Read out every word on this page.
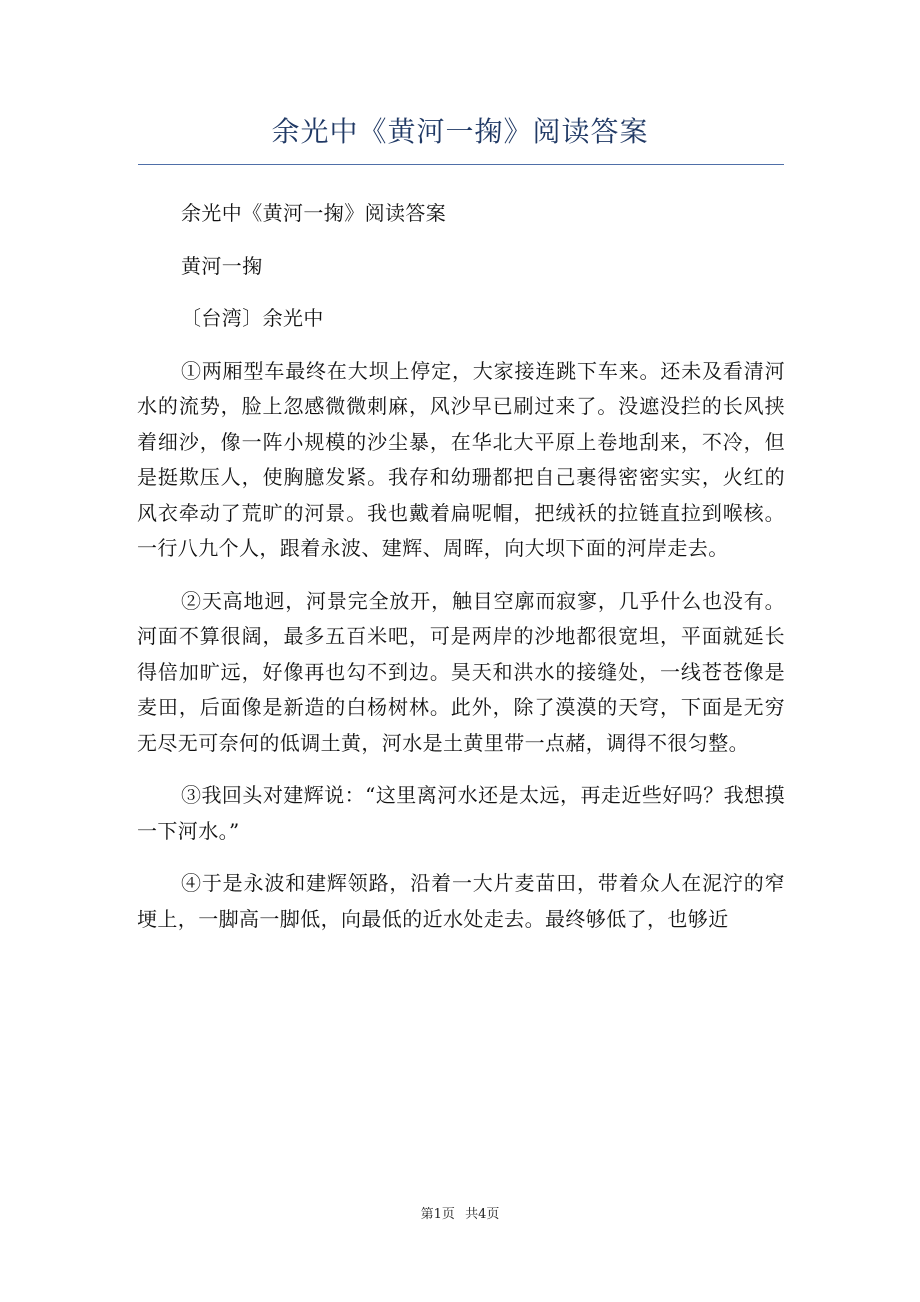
余光中《黄河一掬》阅读答案

余光中《黄河一掬》阅读答案

黄河一掬

〔台湾〕余光中

①两厢型车最终在大坝上停定，大家接连跳下车来。还未及看清河水的流势，脸上忽感微微刺麻，风沙早已刷过来了。没遮没拦的长风挟着细沙，像一阵小规模的沙尘暴，在华北大平原上卷地刮来，不冷，但是挺欺压人，使胸臆发紧。我存和幼珊都把自己裹得密密实实，火红的风衣牵动了荒旷的河景。我也戴着扁呢帽，把绒袄的拉链直拉到喉核。一行八九个人，跟着永波、建辉、周晖，向大坝下面的河岸走去。

②天高地迥，河景完全放开，触目空廓而寂寥，几乎什么也没有。河面不算很阔，最多五百米吧，可是两岸的沙地都很宽坦，平面就延长得倍加旷远，好像再也勾不到边。昊天和洪水的接缝处，一线苍苍像是麦田，后面像是新造的白杨树林。此外，除了漠漠的天穹，下面是无穷无尽无可奈何的低调土黄，河水是土黄里带一点赭，调得不很匀整。

③我回头对建辉说：“这里离河水还是太远，再走近些好吗？我想摸一下河水。”

④于是永波和建辉领路，沿着一大片麦苗田，带着众人在泥泞的窄埂上，一脚高一脚低，向最低的近水处走去。最终够低了，也够近

第1页 共4页
